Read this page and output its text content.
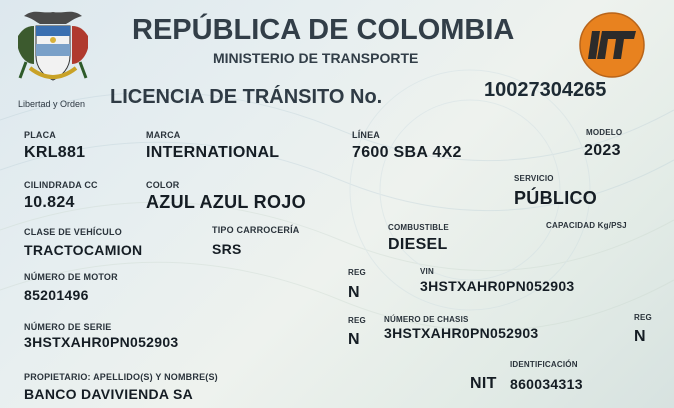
Libertad y Orden
REPÚBLICA DE COLOMBIA
MINISTERIO DE TRANSPORTE
LICENCIA DE TRÁNSITO No.	10027304265
PLACA
KRL881
MARCA
INTERNATIONAL
LÍNEA
7600 SBA 4X2
MODELO
2023
CILINDRADA CC
10.824
COLOR
AZUL AZUL ROJO
SERVICIO
PÚBLICO
CLASE DE VEHÍCULO
TRACTOCAMION
TIPO CARROCERÍA
SRS
COMBUSTIBLE
DIESEL
CAPACIDAD Kg/PSJ
NÚMERO DE MOTOR
85201496
REG
N
VIN
3HSTXAHR0PN052903
NÚMERO DE SERIE
3HSTXAHR0PN052903
REG
N
NÚMERO DE CHASIS
3HSTXAHR0PN052903
REG
N
PROPIETARIO: APELLIDO(S) Y NOMBRE(S)
BANCO DAVIVIENDA SA
IDENTIFICACIÓN
NIT 860034313
